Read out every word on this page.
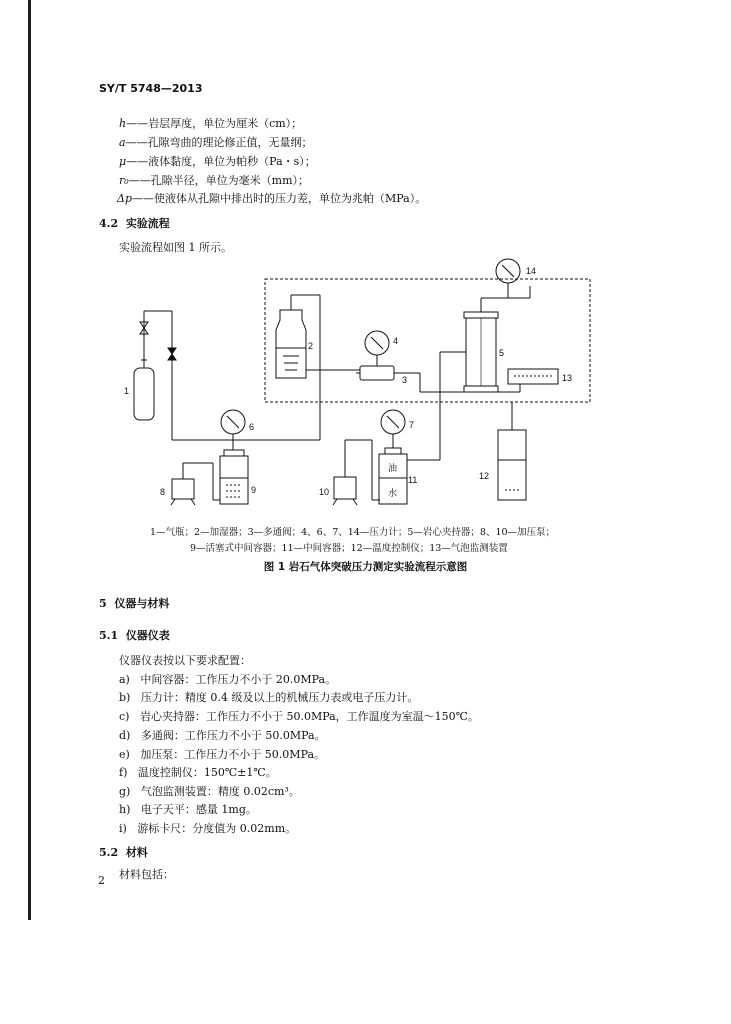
SY/T 5748—2013
h——岩层厚度，单位为厘米（cm）；
a——孔隙弯曲的理论修正值，无量纲；
μ——液体黏度，单位为帕秒（Pa・s）；
r₀——孔隙半径，单位为毫米（mm）；
Δp——使液体从孔隙中排出时的压力差，单位为兆帕（MPa）。
4.2 实验流程
实验流程如图 1 所示。
1
2
3
4
5
6	7
8	9	10
11	12
13
14
油
水
1—气瓶；2—加湿器；3—多通阀；4、6、7、14—压力计；5—岩心夹持器；8、10—加压泵；
9—活塞式中间容器；11—中间容器；12—温度控制仪；13—气泡监测装置
图 1 岩石气体突破压力测定实验流程示意图
5 仪器与材料
5.1 仪器仪表
仪器仪表按以下要求配置：
a) 中间容器：工作压力不小于 20.0MPa。
b) 压力计：精度 0.4 级及以上的机械压力表或电子压力计。
c) 岩心夹持器：工作压力不小于 50.0MPa，工作温度为室温～150℃。
d) 多通阀：工作压力不小于 50.0MPa。
e) 加压泵：工作压力不小于 50.0MPa。
f) 温度控制仪：150℃±1℃。
g) 气泡监测装置：精度 0.02cm³。
h) 电子天平：感量 1mg。
i) 游标卡尺：分度值为 0.02mm。
5.2 材料
材料包括：
2
